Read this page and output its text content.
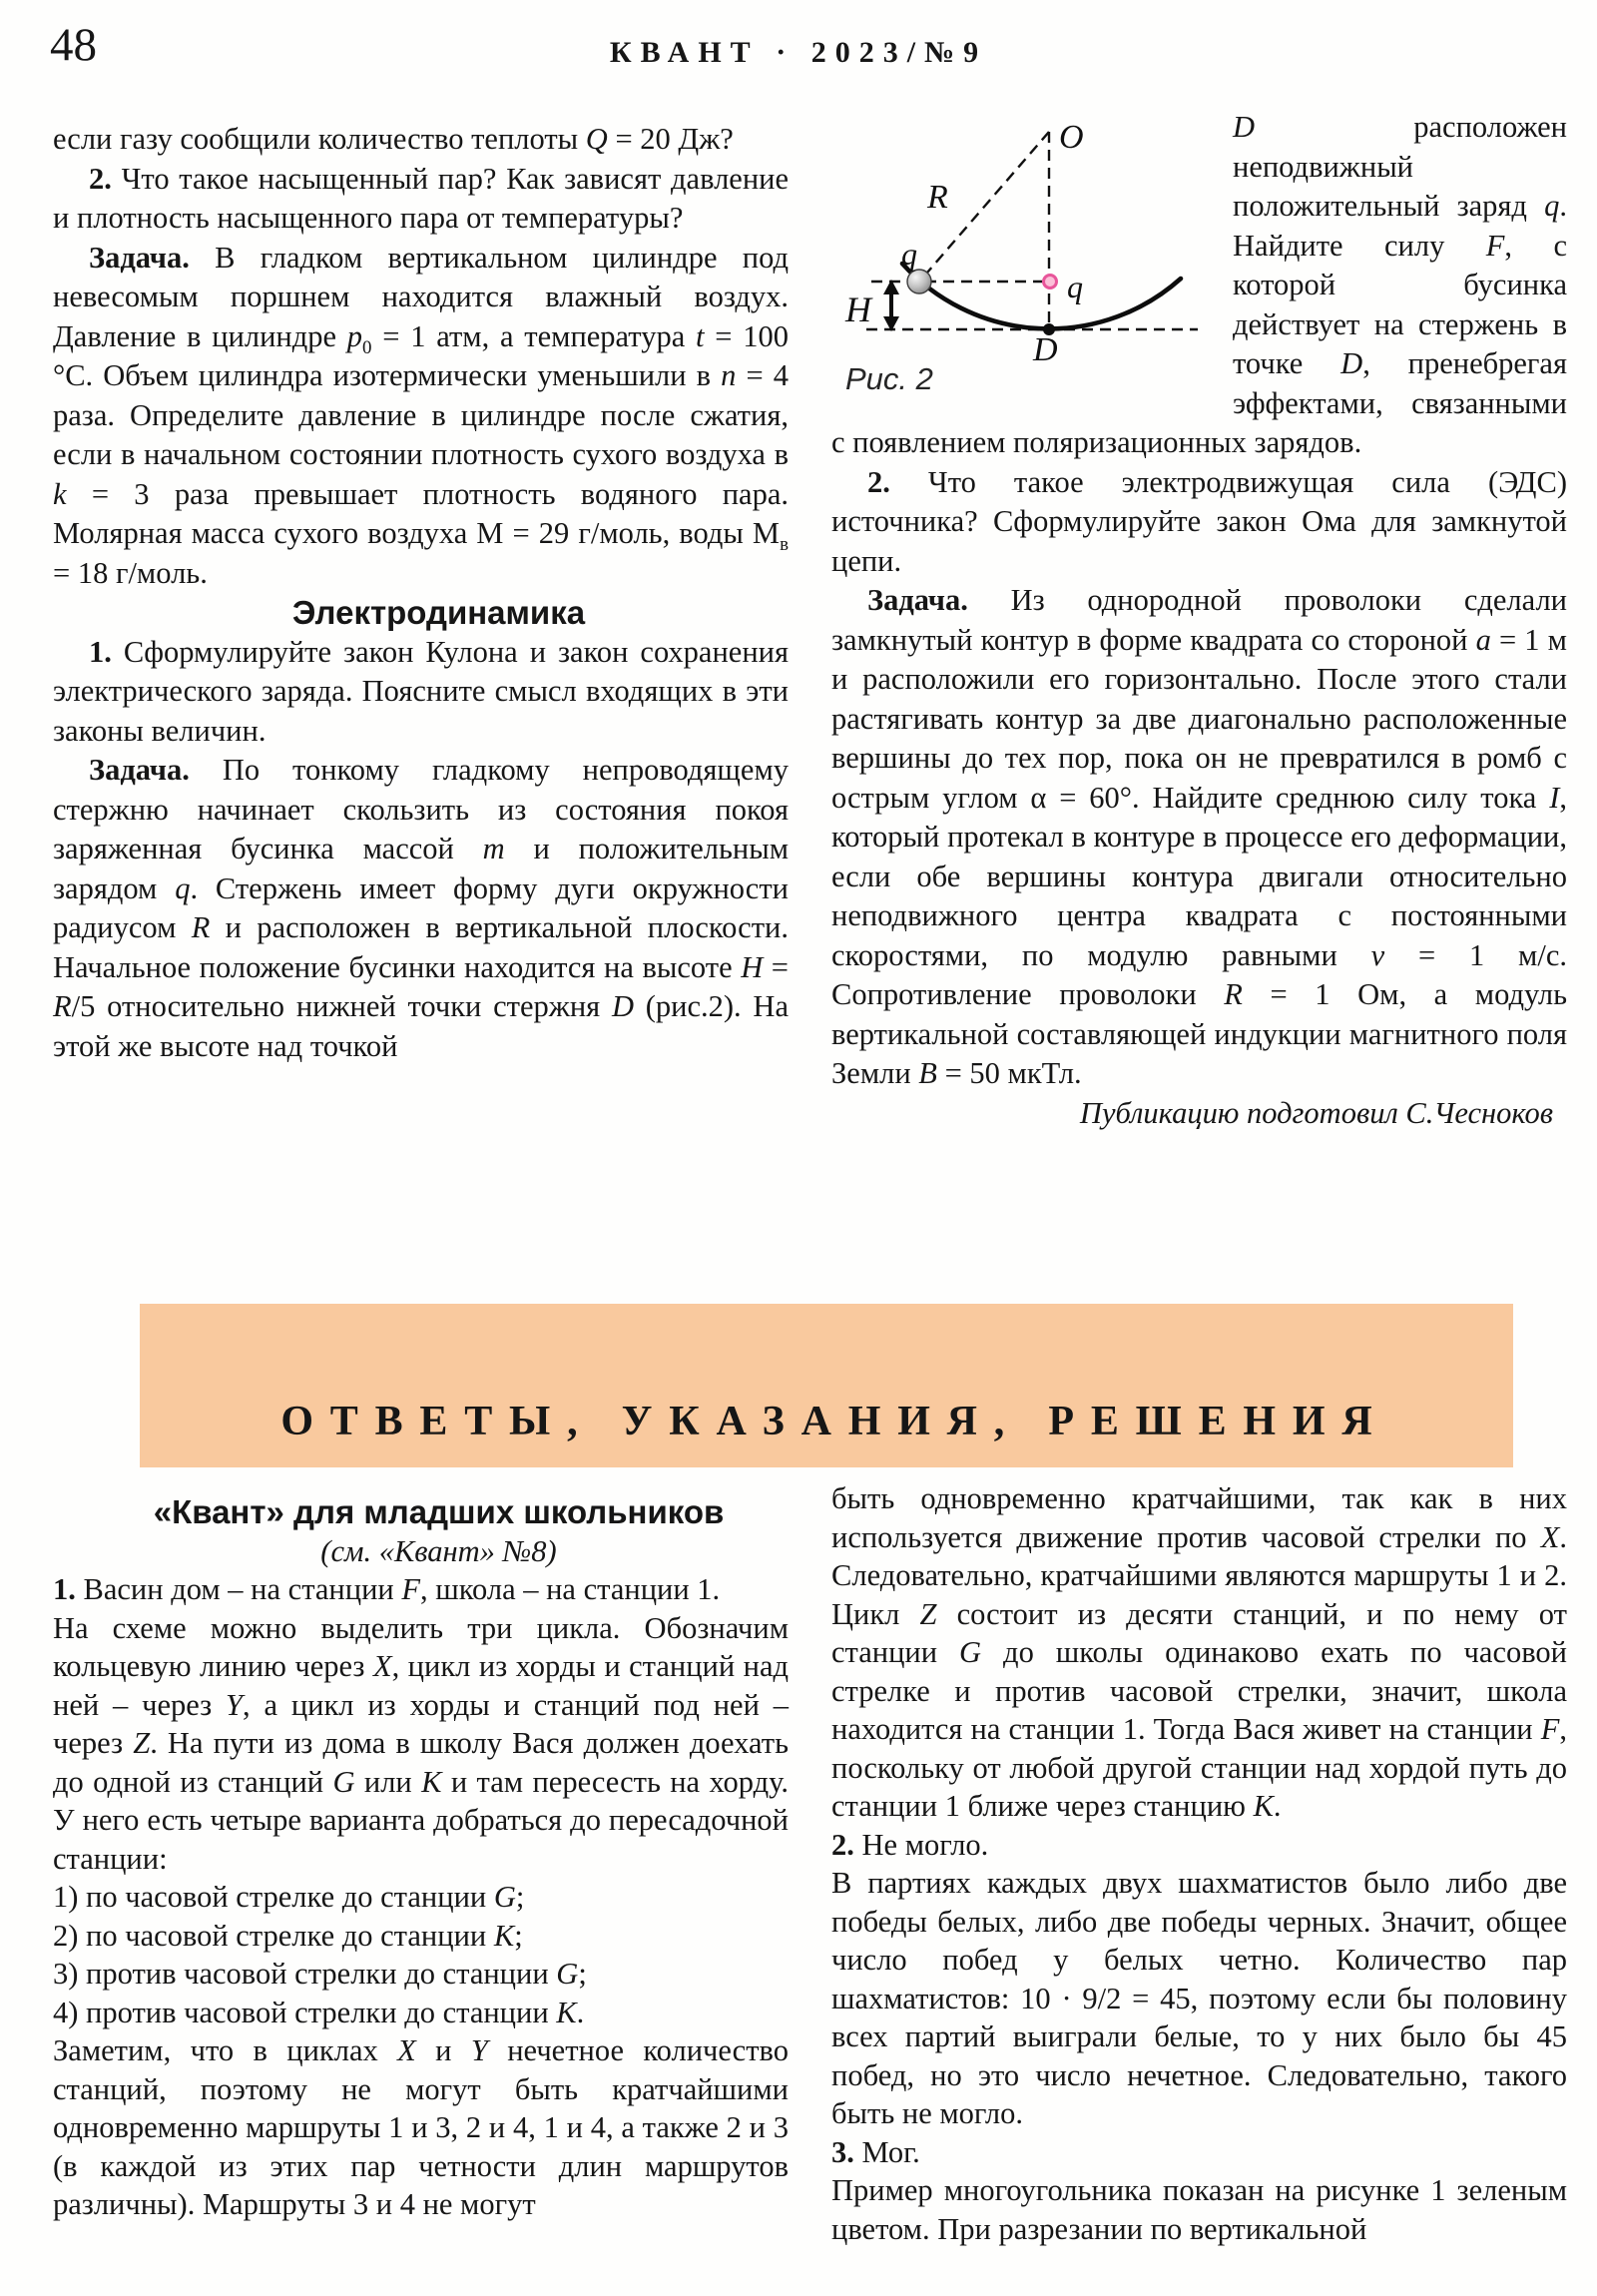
48	КВАНТ · 2023/№9

если газу сообщили количество теплоты Q = 20 Дж?

2. Что такое насыщенный пар? Как зависят давление и плотность насыщенного пара от температуры?

Задача. В гладком вертикальном цилиндре под невесомым поршнем находится влажный воздух. Давление в цилиндре $p_0 = 1$ атм, а температура t = 100 °C. Объем цилиндра изотермически уменьшили в n = 4 раза. Определите давление в цилиндре после сжатия, если в начальном состоянии плотность сухого воздуха в k = 3 раза превышает плотность водяного пара. Молярная масса сухого воздуха М = 29 г/моль, воды $М_в = 18$ г/моль.

Электродинамика

1. Сформулируйте закон Кулона и закон сохранения электрического заряда. Поясните смысл входящих в эти законы величин.

Задача. По тонкому гладкому непроводящему стержню начинает скользить из состояния покоя заряженная бусинка массой m и положительным зарядом q. Стержень имеет форму дуги окружности радиусом R и расположен в вертикальной плоскости. Начальное положение бусинки находится на высоте H = R/5 относительно нижней точки стержня D (рис.2). На этой же высоте над точкой

O
R
q
q
H
D
Рис. 2

D расположен неподвижный положительный заряд q. Найдите силу F, с которой бусинка действует на стержень в точке D, пренебрегая эффектами, связанными с появлением поляризационных зарядов.

2. Что такое электродвижущая сила (ЭДС) источника? Сформулируйте закон Ома для замкнутой цепи.

Задача. Из однородной проволоки сделали замкнутый контур в форме квадрата со стороной a = 1 м и расположили его горизонтально. После этого стали растягивать контур за две диагонально расположенные вершины до тех пор, пока он не превратился в ромб с острым углом α = 60°. Найдите среднюю силу тока I, который протекал в контуре в процессе его деформации, если обе вершины контура двигали относительно неподвижного центра квадрата с постоянными скоростями, по модулю равными v = 1 м/с. Сопротивление проволоки R = 1 Ом, а модуль вертикальной составляющей индукции магнитного поля Земли B = 50 мкТл.

Публикацию подготовил С.Чесноков

ОТВЕТЫ, УКАЗАНИЯ, РЕШЕНИЯ

«Квант» для младших школьников

(см. «Квант» №8)

1. Васин дом – на станции F, школа – на станции 1.

На схеме можно выделить три цикла. Обозначим кольцевую линию через X, цикл из хорды и станций над ней – через Y, а цикл из хорды и станций под ней – через Z. На пути из дома в школу Вася должен доехать до одной из станций G или K и там пересесть на хорду. У него есть четыре варианта добраться до пересадочной станции:

1) по часовой стрелке до станции G;

2) по часовой стрелке до станции K;

3) против часовой стрелки до станции G;

4) против часовой стрелки до станции K.

Заметим, что в циклах X и Y нечетное количество станций, поэтому не могут быть кратчайшими одновременно маршруты 1 и 3, 2 и 4, 1 и 4, а также 2 и 3 (в каждой из этих пар четности длин маршрутов различны). Маршруты 3 и 4 не могут

быть одновременно кратчайшими, так как в них используется движение против часовой стрелки по X. Следовательно, кратчайшими являются маршруты 1 и 2. Цикл Z состоит из десяти станций, и по нему от станции G до школы одинаково ехать по часовой стрелке и против часовой стрелки, значит, школа находится на станции 1. Тогда Вася живет на станции F, поскольку от любой другой станции над хордой путь до станции 1 ближе через станцию K.

2. Не могло.

В партиях каждых двух шахматистов было либо две победы белых, либо две победы черных. Значит, общее число побед у белых четно. Количество пар шахматистов: 10 · 9/2 = 45, поэтому если бы половину всех партий выиграли белые, то у них было бы 45 побед, но это число нечетное. Следовательно, такого быть не могло.

3. Мог.

Пример многоугольника показан на рисунке 1 зеленым цветом. При разрезании по вертикальной
